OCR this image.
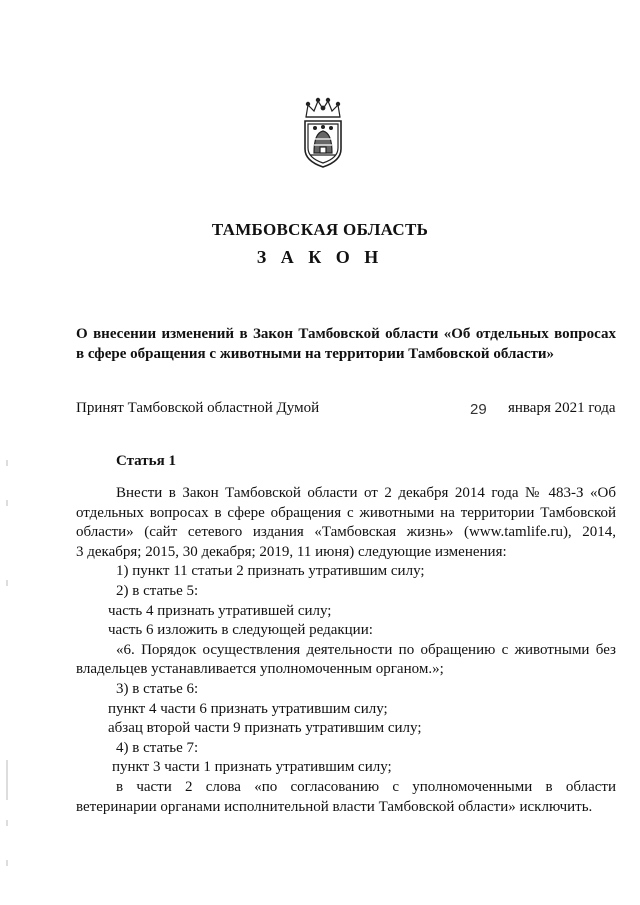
ТАМБОВСКАЯ ОБЛАСТЬ
З А К О Н
О внесении изменений в Закон Тамбовской области «Об отдельных вопросах
в сфере обращения с животными на территории Тамбовской области»
Принят Тамбовской областной Думой	29 января 2021 года
Статья 1

Внести в Закон Тамбовской области от 2 декабря 2014 года № 483-З «Об

отдельных вопросах в сфере обращения с животными на территории Тамбовской

области» (сайт сетевого издания «Тамбовская жизнь» (www.tamlife.ru), 2014,

3 декабря; 2015, 30 декабря; 2019, 11 июня) следующие изменения:

1) пункт 11 статьи 2 признать утратившим силу;

2) в статье 5:

часть 4 признать утратившей силу;

часть 6 изложить в следующей редакции:

«6. Порядок осуществления деятельности по обращению с животными без

владельцев устанавливается уполномоченным органом.»;

3) в статье 6:

пункт 4 части 6 признать утратившим силу;

абзац второй части 9 признать утратившим силу;

4) в статье 7:

пункт 3 части 1 признать утратившим силу;

в части 2 слова «по согласованию с уполномоченными в области

ветеринарии органами исполнительной власти Тамбовской области» исключить.
